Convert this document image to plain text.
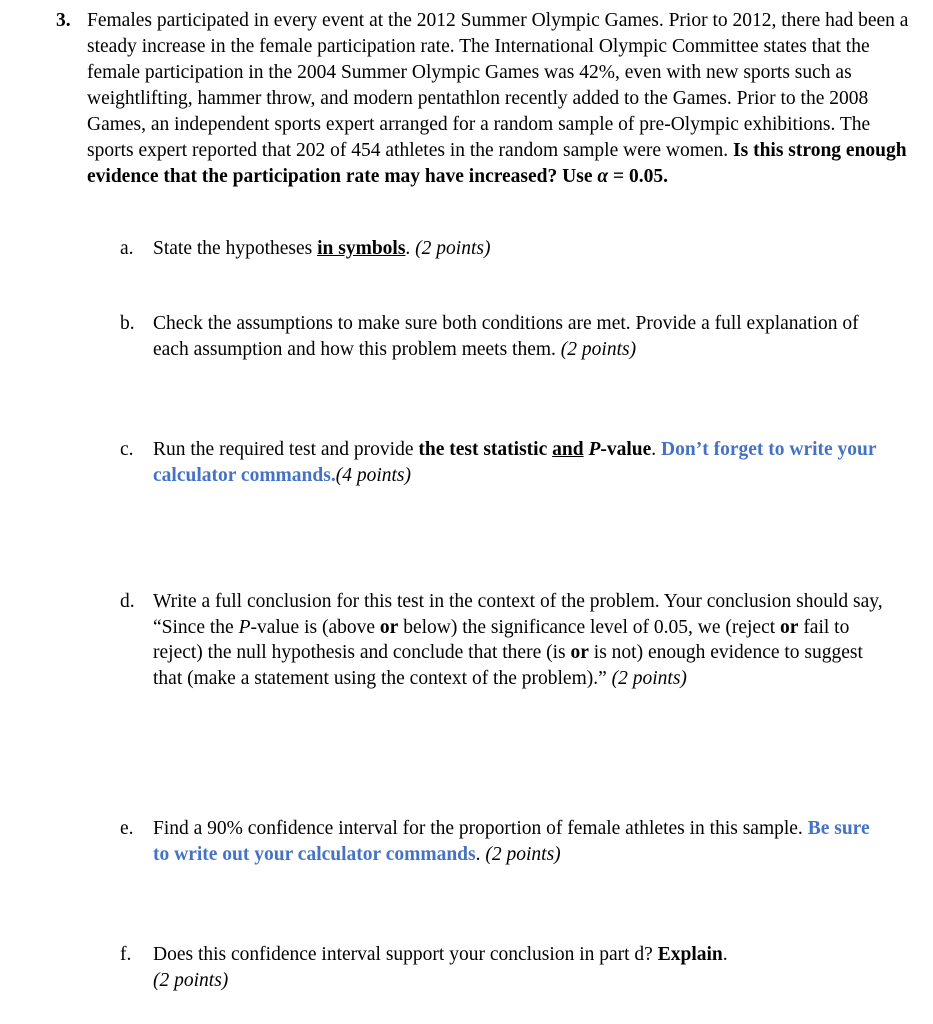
3. Females participated in every event at the 2012 Summer Olympic Games. Prior to 2012, there had been a steady increase in the female participation rate. The International Olympic Committee states that the female participation in the 2004 Summer Olympic Games was 42%, even with new sports such as weightlifting, hammer throw, and modern pentathlon recently added to the Games. Prior to the 2008 Games, an independent sports expert arranged for a random sample of pre-Olympic exhibitions. The sports expert reported that 202 of 454 athletes in the random sample were women. Is this strong enough evidence that the participation rate may have increased? Use α = 0.05.
a. State the hypotheses in symbols. (2 points)
b. Check the assumptions to make sure both conditions are met. Provide a full explanation of each assumption and how this problem meets them. (2 points)
c. Run the required test and provide the test statistic and P-value. Don’t forget to write your calculator commands.(4 points)
d. Write a full conclusion for this test in the context of the problem. Your conclusion should say, “Since the P-value is (above or below) the significance level of 0.05, we (reject or fail to reject) the null hypothesis and conclude that there (is or is not) enough evidence to suggest that (make a statement using the context of the problem).” (2 points)
e. Find a 90% confidence interval for the proportion of female athletes in this sample. Be sure to write out your calculator commands. (2 points)
f. Does this confidence interval support your conclusion in part d? Explain.
(2 points)
